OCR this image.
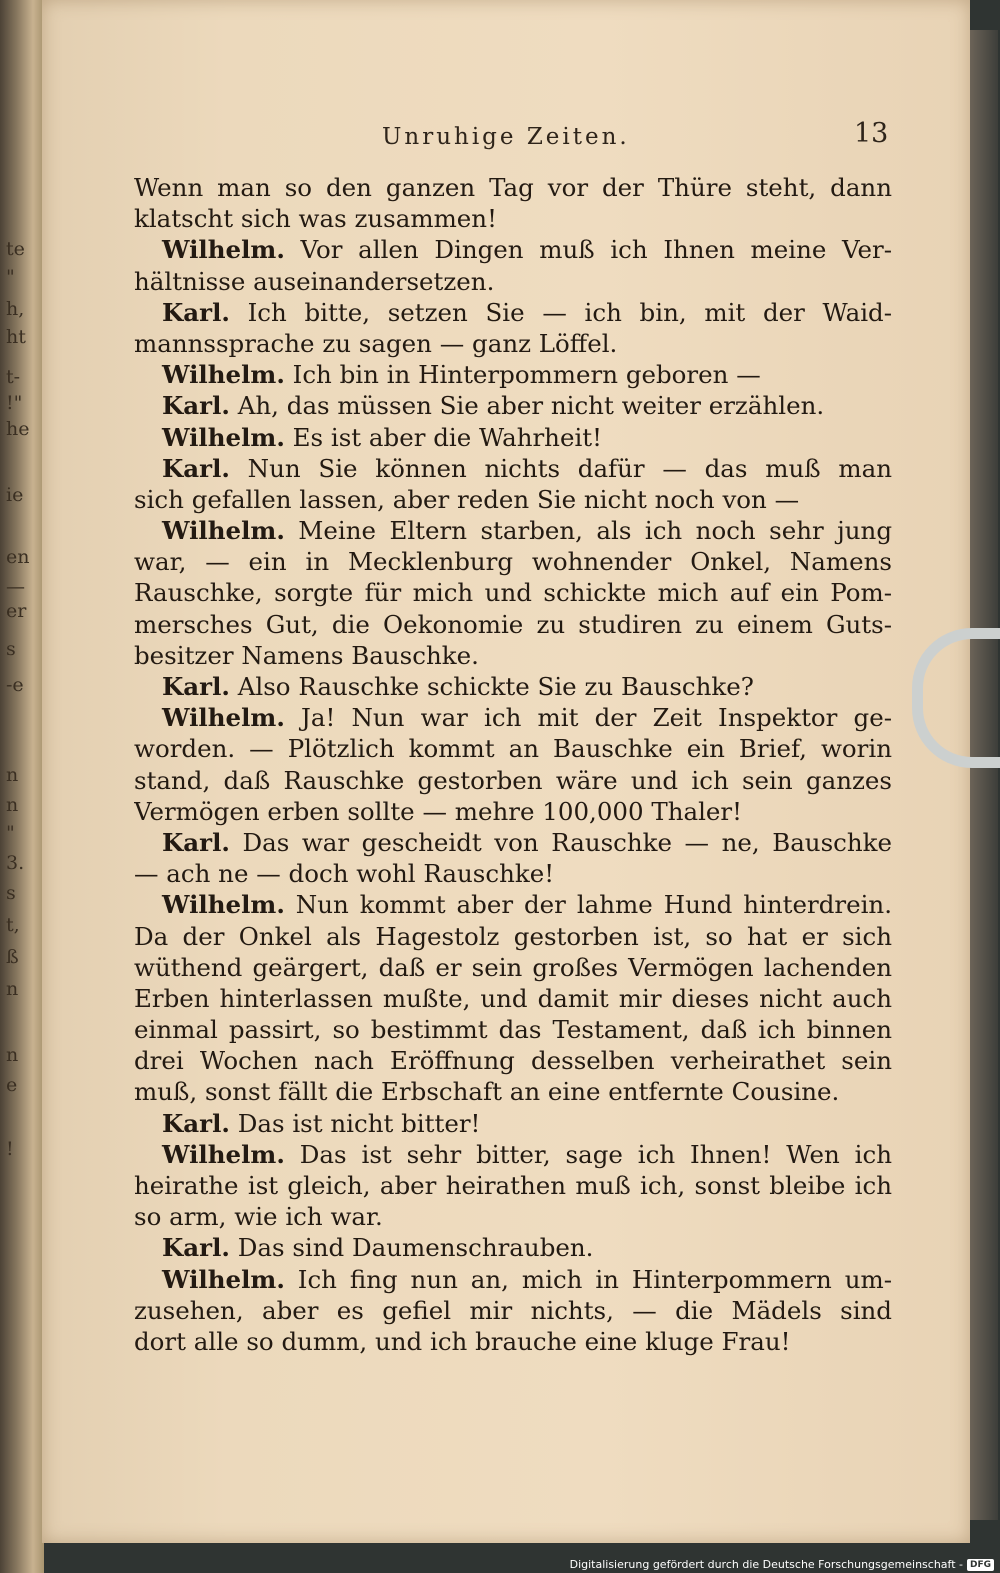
te
"
h,
ht
t-
!"
he
ie
en
—
er
s
-e
n
n
"
3.
s
t,
ß
n
n
e
!
Unruhige Zeiten.	13
Wenn man so den ganzen Tag vor der Thüre steht, dann
klatscht sich was zusammen!
Wilhelm. Vor allen Dingen muß ich Ihnen meine Ver-
hältnisse auseinandersetzen.
Karl. Ich bitte, setzen Sie — ich bin, mit der Waid-
mannssprache zu sagen — ganz Löffel.
Wilhelm. Ich bin in Hinterpommern geboren —
Karl. Ah, das müssen Sie aber nicht weiter erzählen.
Wilhelm. Es ist aber die Wahrheit!
Karl. Nun Sie können nichts dafür — das muß man
sich gefallen lassen, aber reden Sie nicht noch von —
Wilhelm. Meine Eltern starben, als ich noch sehr jung
war, — ein in Mecklenburg wohnender Onkel, Namens
Rauschke, sorgte für mich und schickte mich auf ein Pom-
mersches Gut, die Oekonomie zu studiren zu einem Guts-
besitzer Namens Bauschke.
Karl. Also Rauschke schickte Sie zu Bauschke?
Wilhelm. Ja! Nun war ich mit der Zeit Inspektor ge-
worden. — Plötzlich kommt an Bauschke ein Brief, worin
stand, daß Rauschke gestorben wäre und ich sein ganzes
Vermögen erben sollte — mehre 100,000 Thaler!
Karl. Das war gescheidt von Rauschke — ne, Bauschke
— ach ne — doch wohl Rauschke!
Wilhelm. Nun kommt aber der lahme Hund hinterdrein.
Da der Onkel als Hagestolz gestorben ist, so hat er sich
wüthend geärgert, daß er sein großes Vermögen lachenden
Erben hinterlassen mußte, und damit mir dieses nicht auch
einmal passirt, so bestimmt das Testament, daß ich binnen
drei Wochen nach Eröffnung desselben verheirathet sein
muß, sonst fällt die Erbschaft an eine entfernte Cousine.
Karl. Das ist nicht bitter!
Wilhelm. Das ist sehr bitter, sage ich Ihnen! Wen ich
heirathe ist gleich, aber heirathen muß ich, sonst bleibe ich
so arm, wie ich war.
Karl. Das sind Daumenschrauben.
Wilhelm. Ich fing nun an, mich in Hinterpommern um-
zusehen, aber es gefiel mir nichts, — die Mädels sind
dort alle so dumm, und ich brauche eine kluge Frau!
Digitalisierung gefördert durch die Deutsche Forschungsgemeinschaft - DFG
